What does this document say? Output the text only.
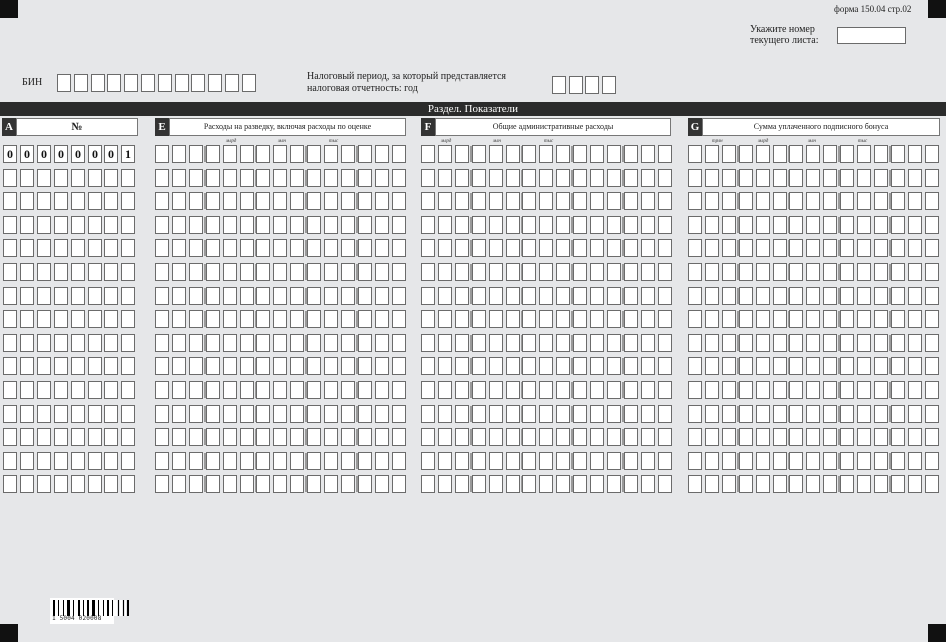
форма 150.04 стр.02
Укажите номер текущего листа:
БИН
Налоговый период, за который представляется налоговая отчетность: год
Раздел. Показатели
A	№	E	Расходы на разведку, включая расходы по оценке	F	Общие административные расходы	G	Сумма уплаченного подписного бонуса
млрд	млн	тыс	млрд	млн	тыс	трлн	млрд	млн	тыс
0 0 0 0 0 0 0 1
1 5004 020008
